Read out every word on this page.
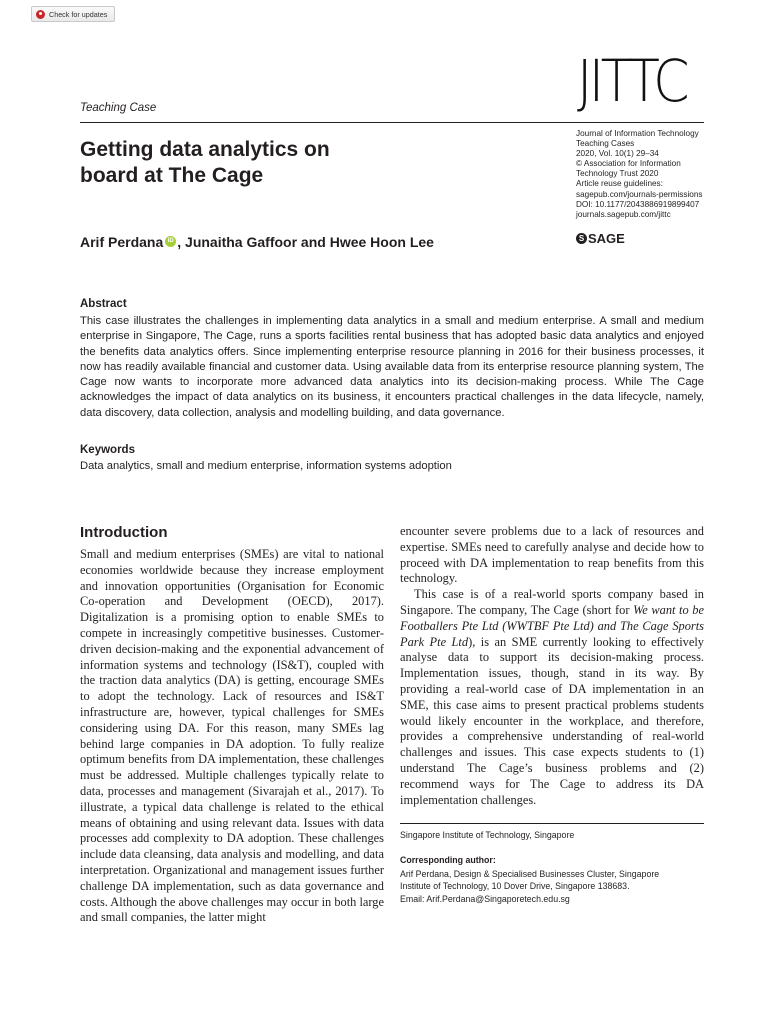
Check for updates
JITTC
Teaching Case
Getting data analytics on
board at The Cage
Journal of Information Technology
Teaching Cases
2020, Vol. 10(1) 29–34
© Association for Information
Technology Trust 2020
Article reuse guidelines:
sagepub.com/journals-permissions
DOI: 10.1177/2043886919899407
journals.sagepub.com/jittc
S SAGE
Arif Perdana iD , Junaitha Gaffoor and Hwee Hoon Lee
Abstract
This case illustrates the challenges in implementing data analytics in a small and medium enterprise. A small and medium enterprise in Singapore, The Cage, runs a sports facilities rental business that has adopted basic data analytics and enjoyed the benefits data analytics offers. Since implementing enterprise resource planning in 2016 for their business processes, it now has readily available financial and customer data. Using available data from its enterprise resource planning system, The Cage now wants to incorporate more advanced data analytics into its decision-making process. While The Cage acknowledges the impact of data analytics on its business, it encounters practical challenges in the data lifecycle, namely, data discovery, data collection, analysis and modelling building, and data governance.
Keywords
Data analytics, small and medium enterprise, information systems adoption
Introduction

Small and medium enterprises (SMEs) are vital to national economies worldwide because they increase employment and innovation opportunities (Organisation for Economic Co-operation and Development (OECD), 2017). Digitalization is a promising option to enable SMEs to compete in increasingly competitive businesses. Customer-driven decision-making and the exponential advancement of information systems and technology (IS&T), coupled with the traction data analytics (DA) is getting, encourage SMEs to adopt the technology. Lack of resources and IS&T infrastructure are, however, typical challenges for SMEs considering using DA. For this reason, many SMEs lag behind large companies in DA adoption. To fully realize optimum benefits from DA implementation, these challenges must be addressed. Multiple challenges typically relate to data, processes and management (Sivarajah et al., 2017). To illustrate, a typical data challenge is related to the ethical means of obtaining and using relevant data. Issues with data processes add complexity to DA adoption. These challenges include data cleansing, data analysis and modelling, and data interpretation. Organizational and management issues further challenge DA implementation, such as data governance and costs. Although the above challenges may occur in both large and small companies, the latter might

encounter severe problems due to a lack of resources and expertise. SMEs need to carefully analyse and decide how to proceed with DA implementation to reap benefits from this technology.

This case is of a real-world sports company based in Singapore. The company, The Cage (short for We want to be Footballers Pte Ltd (WWTBF Pte Ltd) and The Cage Sports Park Pte Ltd), is an SME currently looking to effectively analyse data to support its decision-making process. Implementation issues, though, stand in its way. By providing a real-world case of DA implementation in an SME, this case aims to present practical problems students would likely encounter in the workplace, and therefore, provides a comprehensive understanding of real-world challenges and issues. This case expects students to (1) understand The Cage’s business problems and (2) recommend ways for The Cage to address its DA implementation challenges.

Singapore Institute of Technology, Singapore
Corresponding author:
Arif Perdana, Design & Specialised Businesses Cluster, Singapore
Institute of Technology, 10 Dover Drive, Singapore 138683.
Email: Arif.Perdana@Singaporetech.edu.sg
